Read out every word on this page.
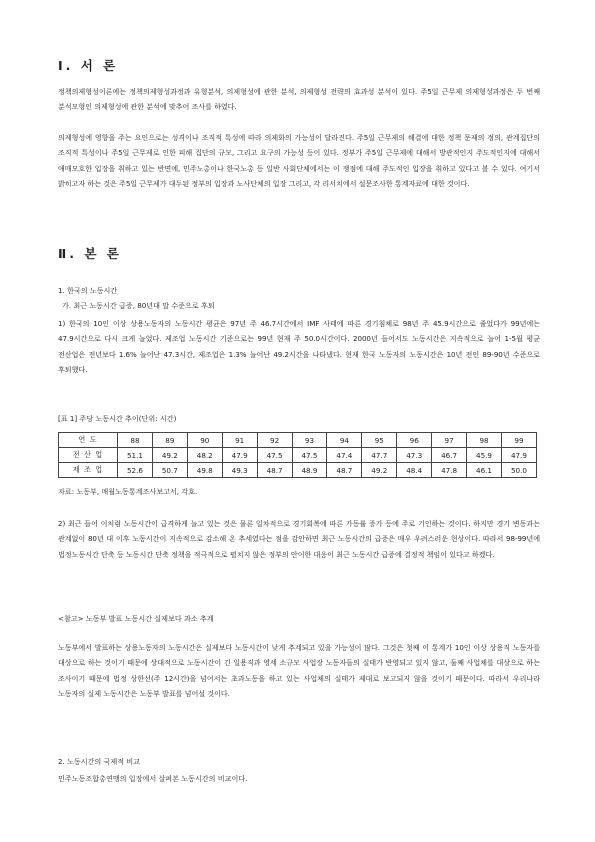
Ⅰ. 서 론
정책의제형성이론에는 정책의제형성과정과 유형분석, 의제형성에 관한 분석, 의제형성 전략의 효과성 분석이 있다. 주5일 근무제 의제형성과정은 두 번째 분석모형인 의제형성에 관한 분석에 맞추어 조사를 하였다.
의제형성에 영향을 주는 요인으로는 성격이나 조직적 특성에 따라 의제화의 가능성이 달라진다. 주5일 근무제의 해결에 대한 정책 문제의 정의, 관계집단의 조직적 특성이나 주5일 근무제로 인한 피해 집단의 규모, 그리고 요구의 가능성 등이 있다. 정부가 주5일 근무제에 대해서 방관적인지 주도적인지에 대해서 애매모호한 입장을 취하고 있는 반면에, 민주노총이나 한국노총 등 일반 사회단체에서는 이 쟁점에 대해 주도적인 입장을 취하고 있다고 볼 수 있다. 여기서 밝히고자 하는 것은 주5일 근무제가 대두된 정부의 입장과 노사단체의 입장 그리고, 각 리서치에서 설문조사한 통계자료에 대한 것이다.
Ⅱ. 본 론
1. 한국의 노동시간
가. 최근 노동시간 급증, 80년대 말 수준으로 후퇴
1) 한국의 10인 이상 상용노동자의 노동시간 평균은 97년 주 46.7시간에서 IMF 사태에 따른 경기침체로 98년 주 45.9시간으로 줄었다가 99년에는 47.9시간으로 다시 크게 늘었다. 제조업 노동시간 기준으로는 99년 현재 주 50.0시간이다. 2000년 들어서도 노동시간은 지속적으로 늘어 1-5월 평균 전산업은 전년보다 1.6% 늘어난 47.3시간, 제조업은 1.3% 늘어난 49.2시간을 나타냈다. 현재 한국 노동자의 노동시간은 10년 전인 89-90년 수준으로 후퇴했다.
[표 1] 주당 노동시간 추이(단위: 시간)
연 도	88	89	90	91	92	93	94	95	96	97	98	99
전 산 업	51.1	49.2	48.2	47.9	47.5	47.5	47.4	47.7	47.3	46.7	45.9	47.9
제 조 업	52.6	50.7	49.8	49.3	48.7	48.9	48.7	49.2	48.4	47.8	46.1	50.0
자료: 노동부, 매월노동통계조사보고서, 각호.
2) 최근 들어 이처럼 노동시간이 급격하게 늘고 있는 것은 물론 일차적으로 경기회복에 따른 가동률 증가 등에 주로 기인하는 것이다. 하지만 경기 변동과는 관계없이 80년 대 이후 노동시간이 지속적으로 감소해 온 추세였다는 점을 감안하면 최근 노동시간의 급증은 매우 우려스러운 현상이다. 따라서 98-99년에 법정노동시간 단축 등 노동시간 단축 정책을 적극적으로 펼치지 않은 정부의 안이한 대응이 최근 노동시간 급증에 결정적 책임이 있다고 하겠다.
<참고> 노동부 발표 노동시간 실제보다 과소 추계
노동부에서 발표하는 상용노동자의 노동시간은 실제보다 노동시간이 낮게 추계되고 있을 가능성이 많다. 그것은 첫째 이 통계가 10인 이상 상용직 노동자를 대상으로 하는 것이기 때문에 상대적으로 노동시간이 긴 일용직과 영세 소규모 사업장 노동자들의 실태가 반영되고 있지 않고, 둘째 사업체를 대상으로 하는 조사이기 때문에 법정 상한선(주 12시간)을 넘어서는 초과노동을 하고 있는 사업체의 실태가 제대로 보고되지 않을 것이기 때문이다. 따라서 우리나라 노동자의 실제 노동시간은 노동부 발표를 넘어설 것이다.
2. 노동시간의 국제적 비교
민주노동조합총연맹의 입장에서 살펴본 노동시간의 비교이다.
